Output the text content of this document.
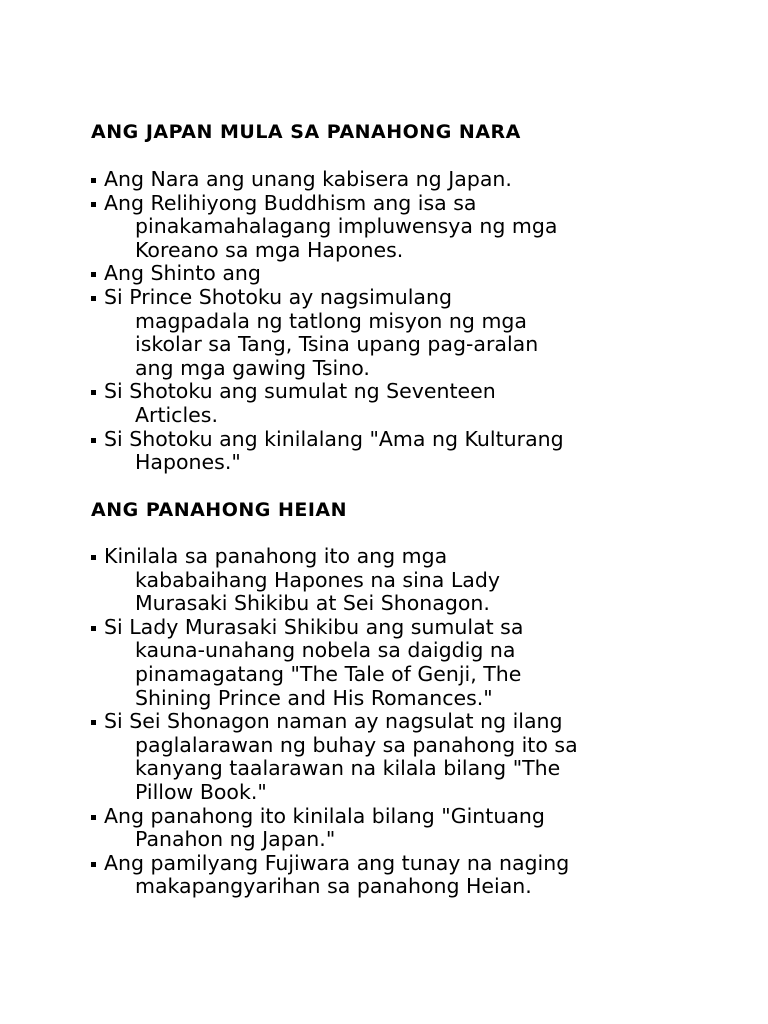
ANG JAPAN MULA SA PANAHONG NARA
Ang Nara ang unang kabisera ng Japan.
Ang Relihiyong Buddhism ang isa sa
pinakamahalagang impluwensya ng mga
Koreano sa mga Hapones.
Ang Shinto ang
Si Prince Shotoku ay nagsimulang
magpadala ng tatlong misyon ng mga
iskolar sa Tang, Tsina upang pag-aralan
ang mga gawing Tsino.
Si Shotoku ang sumulat ng Seventeen
Articles.
Si Shotoku ang kinilalang "Ama ng Kulturang
Hapones."
ANG PANAHONG HEIAN
Kinilala sa panahong ito ang mga
kababaihang Hapones na sina Lady
Murasaki Shikibu at Sei Shonagon.
Si Lady Murasaki Shikibu ang sumulat sa
kauna-unahang nobela sa daigdig na
pinamagatang "The Tale of Genji, The
Shining Prince and His Romances."
Si Sei Shonagon naman ay nagsulat ng ilang
paglalarawan ng buhay sa panahong ito sa
kanyang taalarawan na kilala bilang "The
Pillow Book."
Ang panahong ito kinilala bilang "Gintuang
Panahon ng Japan."
Ang pamilyang Fujiwara ang tunay na naging
makapangyarihan sa panahong Heian.
